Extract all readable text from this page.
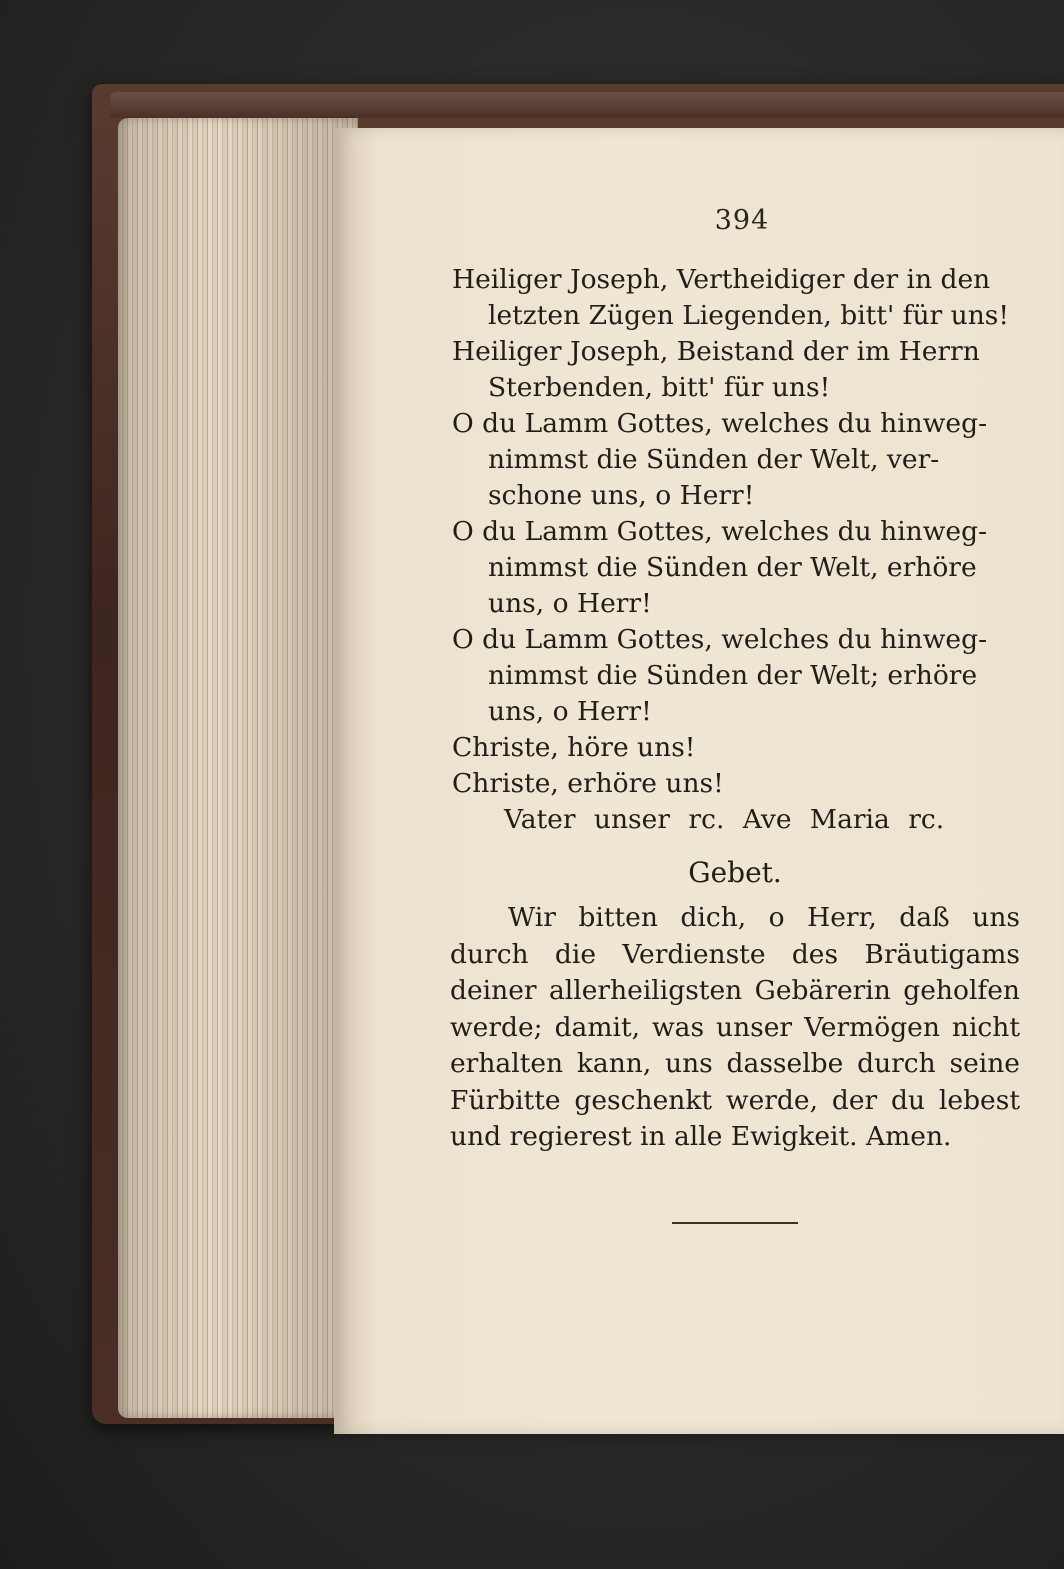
394

Heiliger Joseph, Vertheidiger der in den letzten Zügen Liegenden, bitt' für uns!

Heiliger Joseph, Beistand der im Herrn Sterbenden, bitt' für uns!

O du Lamm Gottes, welches du hinweg-nimmst die Sünden der Welt, ver-schone uns, o Herr!

O du Lamm Gottes, welches du hinweg-nimmst die Sünden der Welt, erhöre uns, o Herr!

O du Lamm Gottes, welches du hinweg-nimmst die Sünden der Welt; erhöre uns, o Herr!

Christe, höre uns!

Christe, erhöre uns!

Vater unser rc. Ave Maria rc.

Gebet.

Wir bitten dich, o Herr, daß uns durch die Verdienste des Bräutigams deiner allerheiligsten Gebärerin geholfen werde; damit, was unser Vermögen nicht erhalten kann, uns dasselbe durch seine Fürbitte geschenkt werde, der du lebest und regierest in alle Ewigkeit. Amen.
